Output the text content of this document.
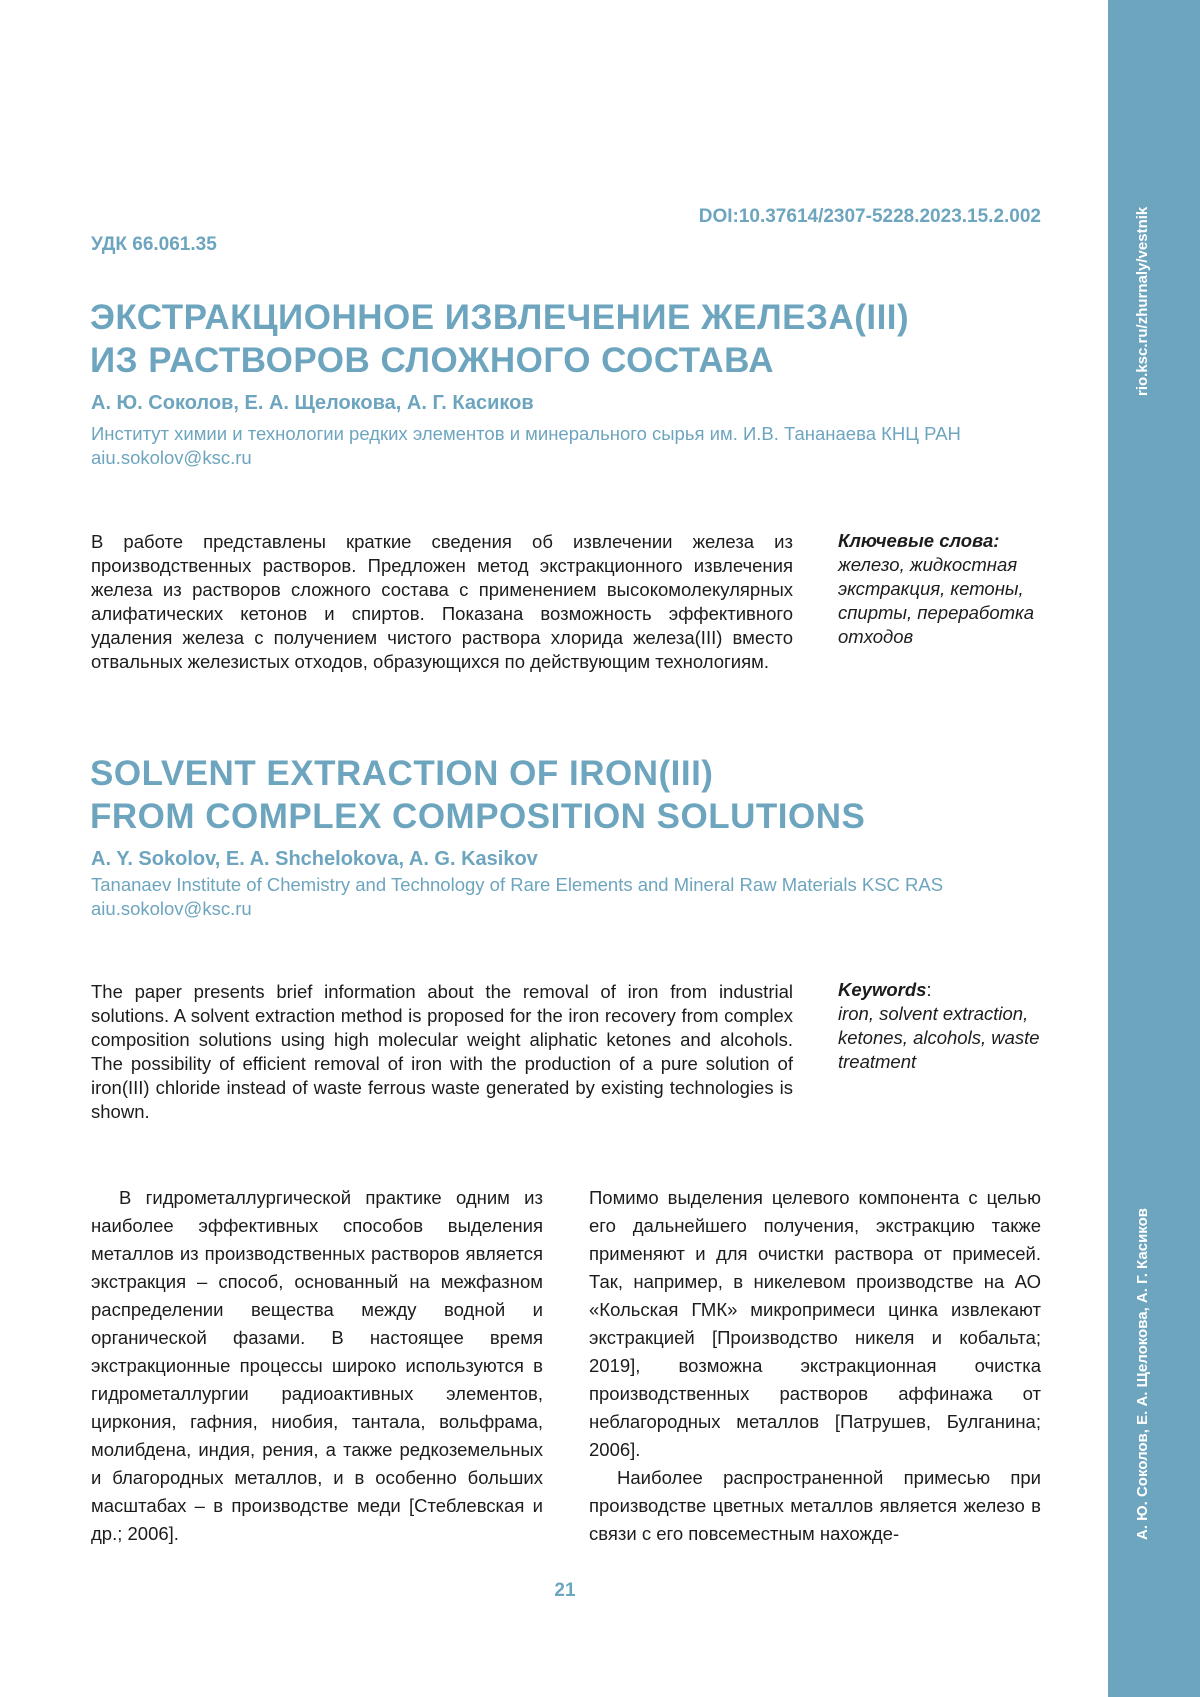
rio.ksc.ru/zhurnaly/vestnik
А. Ю. Соколов, Е. А. Щелокова, А. Г. Касиков
DOI:10.37614/2307-5228.2023.15.2.002
УДК 66.061.35
ЭКСТРАКЦИОННОЕ ИЗВЛЕЧЕНИЕ ЖЕЛЕЗА(III)
ИЗ РАСТВОРОВ СЛОЖНОГО СОСТАВА
А. Ю. Соколов, Е. А. Щелокова, А. Г. Касиков
Институт химии и технологии редких элементов и минерального сырья им. И.В. Тананаева КНЦ РАН
aiu.sokolov@ksc.ru

В работе представлены краткие сведения об извлечении железа из производственных растворов. Предложен метод экстракционного извлечения железа из растворов сложного состава с применением высокомолекулярных алифатических кетонов и спиртов. Показана возможность эффективного удаления железа с получением чистого раствора хлорида железа(III) вместо отвальных железистых отходов, образующихся по действующим технологиям.

Ключевые слова:
железо, жидкостная экстракция, кетоны, спирты, переработка отходов
SOLVENT EXTRACTION OF IRON(III)
FROM COMPLEX COMPOSITION SOLUTIONS
A. Y. Sokolov, E. A. Shchelokova, A. G. Kasikov
Tananaev Institute of Chemistry and Technology of Rare Elements and Mineral Raw Materials KSC RAS
aiu.sokolov@ksc.ru

The paper presents brief information about the removal of iron from industrial solutions. A solvent extraction method is proposed for the iron recovery from complex composition solutions using high molecular weight aliphatic ketones and alcohols. The possibility of efficient removal of iron with the production of a pure solution of iron(III) chloride instead of waste ferrous waste generated by existing technologies is shown.

Keywords:
iron, solvent extraction, ketones, alcohols, waste treatment

В гидрометаллургической практике одним из наиболее эффективных способов выделения металлов из производственных растворов является экстракция – способ, основанный на межфазном распределении вещества между водной и органической фазами. В настоящее время экстракционные процессы широко используются в гидрометаллургии радиоактивных элементов, циркония, гафния, ниобия, тантала, вольфрама, молибдена, индия, рения, а также редкоземельных и благородных металлов, и в особенно больших масштабах – в производстве меди [Стеблевская и др.; 2006].

Помимо выделения целевого компонента с целью его дальнейшего получения, экстракцию также применяют и для очистки раствора от примесей. Так, например, в никелевом производстве на АО «Кольская ГМК» микропримеси цинка извлекают экстракцией [Производство никеля и кобальта; 2019], возможна экстракционная очистка производственных растворов аффинажа от неблагородных металлов [Патрушев, Булганина; 2006].

Наиболее распространенной примесью при производстве цветных металлов является железо в связи с его повсеместным нахожде-

21
